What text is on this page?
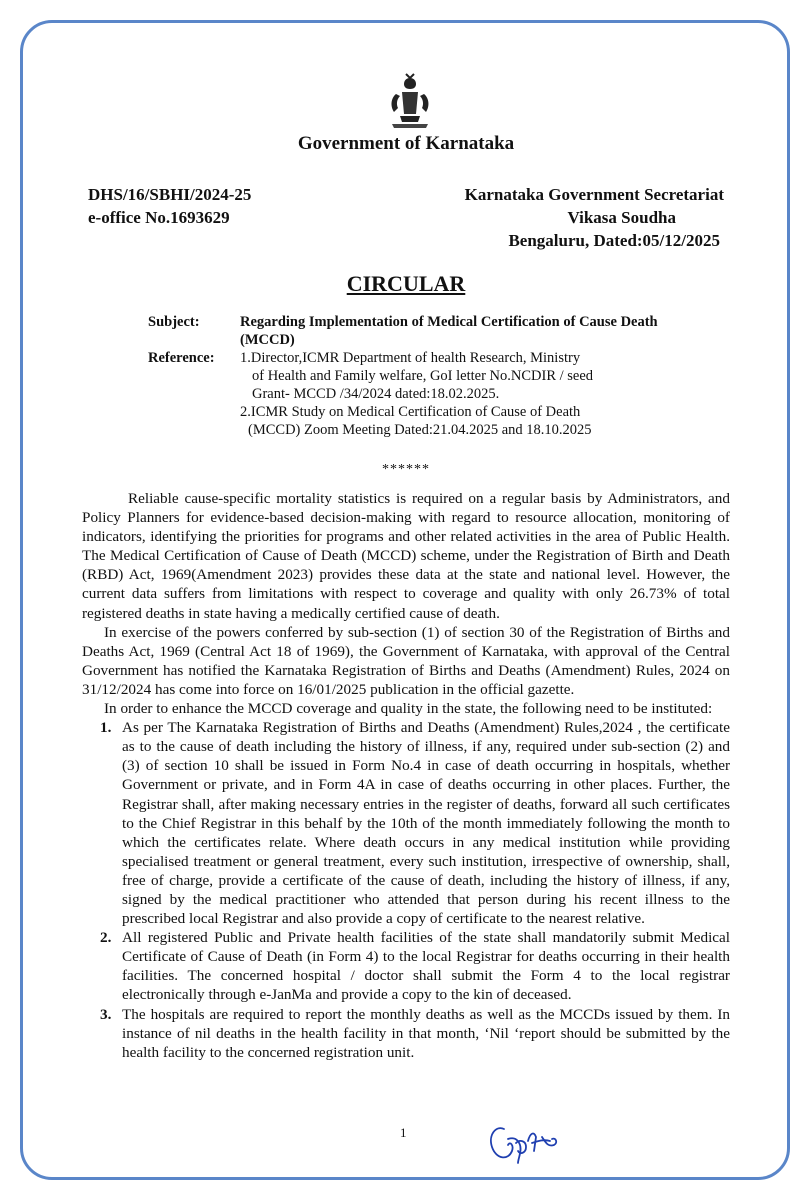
Government of Karnataka
DHS/16/SBHI/2024-25
e-office No.1693629
Karnataka Government Secretariat
Vikasa Soudha
Bengaluru, Dated:05/12/2025
CIRCULAR
Subject:	Regarding Implementation of Medical Certification of Cause Death (MCCD)
Reference:	1.Director,ICMR Department of health Research, Ministry
of Health and Family welfare, GoI letter No.NCDIR / seed
Grant- MCCD /34/2024 dated:18.02.2025.
2.ICMR Study on Medical Certification of Cause of Death
(MCCD) Zoom Meeting Dated:21.04.2025 and 18.10.2025
******

Reliable cause-specific mortality statistics is required on a regular basis by Administrators, and Policy Planners for evidence-based decision-making with regard to resource allocation, monitoring of indicators, identifying the priorities for programs and other related activities in the area of Public Health. The Medical Certification of Cause of Death (MCCD) scheme, under the Registration of Birth and Death (RBD) Act, 1969(Amendment 2023) provides these data at the state and national level. However, the current data suffers from limitations with respect to coverage and quality with only 26.73% of total registered deaths in state having a medically certified cause of death.

In exercise of the powers conferred by sub-section (1) of section 30 of the Registration of Births and Deaths Act, 1969 (Central Act 18 of 1969), the Government of Karnataka, with approval of the Central Government has notified the Karnataka Registration of Births and Deaths (Amendment) Rules, 2024 on 31/12/2024 has come into force on 16/01/2025 publication in the official gazette.

In order to enhance the MCCD coverage and quality in the state, the following need to be instituted:

1. As per The Karnataka Registration of Births and Deaths (Amendment) Rules,2024 , the certificate as to the cause of death including the history of illness, if any, required under sub-section (2) and (3) of section 10 shall be issued in Form No.4 in case of death occurring in hospitals, whether Government or private, and in Form 4A in case of deaths occurring in other places. Further, the Registrar shall, after making necessary entries in the register of deaths, forward all such certificates to the Chief Registrar in this behalf by the 10th of the month immediately following the month to which the certificates relate. Where death occurs in any medical institution while providing specialised treatment or general treatment, every such institution, irrespective of ownership, shall, free of charge, provide a certificate of the cause of death, including the history of illness, if any, signed by the medical practitioner who attended that person during his recent illness to the prescribed local Registrar and also provide a copy of certificate to the nearest relative.
2. All registered Public and Private health facilities of the state shall mandatorily submit Medical Certificate of Cause of Death (in Form 4) to the local Registrar for deaths occurring in their health facilities. The concerned hospital / doctor shall submit the Form 4 to the local registrar electronically through e-JanMa and provide a copy to the kin of deceased.
3. The hospitals are required to report the monthly deaths as well as the MCCDs issued by them. In instance of nil deaths in the health facility in that month, ‘Nil ‘report should be submitted by the health facility to the concerned registration unit.
1
